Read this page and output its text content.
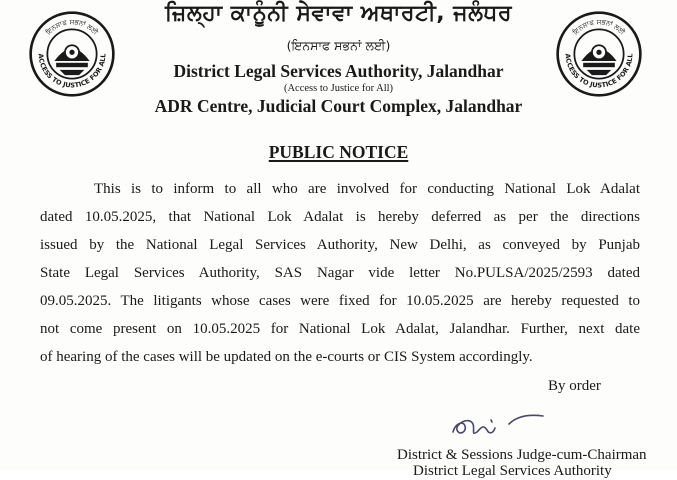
ਇਨਸਾਫ ਸਭਨਾਂ ਲਈ
ACCESS TO JUSTICE FOR ALL
ਇਨਸਾਫ ਸਭਨਾਂ ਲਈ
ACCESS TO JUSTICE FOR ALL
ਜ਼ਿਲ੍ਹਾ ਕਾਨੂੰਨੀ ਸੇਵਾਵਾ ਅਥਾਰਟੀ, ਜਲੰਧਰ
(ਇਨਸਾਫ ਸਭਨਾਂ ਲਈ)
District Legal Services Authority, Jalandhar
(Access to Justice for All)
ADR Centre, Judicial Court Complex, Jalandhar
PUBLIC NOTICE
This is to inform to all who are involved for conducting National Lok Adalat
dated 10.05.2025, that National Lok Adalat is hereby deferred as per the directions
issued by the National Legal Services Authority, New Delhi, as conveyed by Punjab
State Legal Services Authority, SAS Nagar vide letter No.PULSA/2025/2593 dated
09.05.2025. The litigants whose cases were fixed for 10.05.2025 are hereby requested to
not come present on 10.05.2025 for National Lok Adalat, Jalandhar. Further, next date
of hearing of the cases will be updated on the e-courts or CIS System accordingly.
By order
District & Sessions Judge-cum-Chairman
District Legal Services Authority
